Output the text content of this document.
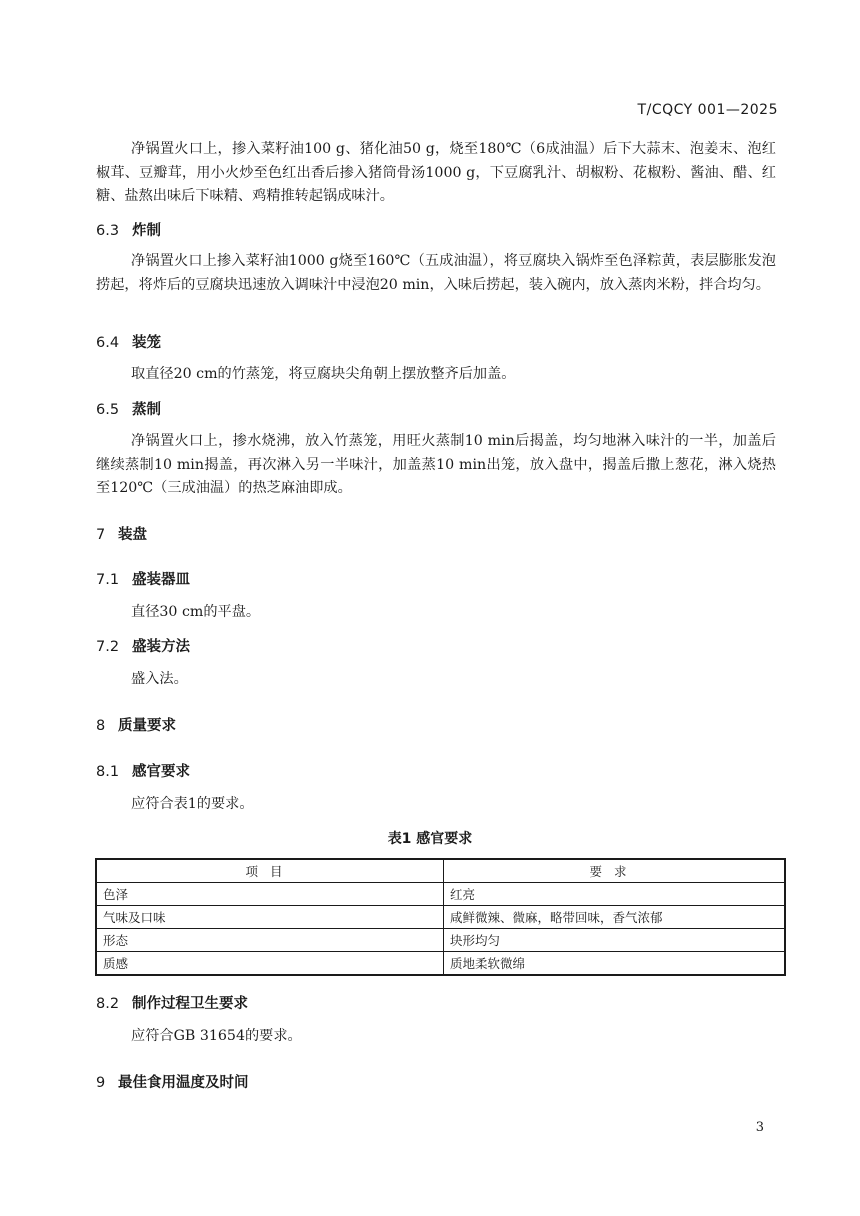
T/CQCY 001—2025
净锅置火口上，掺入菜籽油100 g、猪化油50 g，烧至180℃（6成油温）后下大蒜末、泡姜末、泡红椒茸、豆瓣茸，用小火炒至色红出香后掺入猪筒骨汤1000 g，下豆腐乳汁、胡椒粉、花椒粉、酱油、醋、红糖、盐熬出味后下味精、鸡精推转起锅成味汁。
6.3 炸制
净锅置火口上掺入菜籽油1000 g烧至160℃（五成油温），将豆腐块入锅炸至色泽粽黄，表层膨胀发泡捞起，将炸后的豆腐块迅速放入调味汁中浸泡20 min，入味后捞起，装入碗内，放入蒸肉米粉，拌合均匀。
6.4 装笼
取直径20 cm的竹蒸笼，将豆腐块尖角朝上摆放整齐后加盖。
6.5 蒸制
净锅置火口上，掺水烧沸，放入竹蒸笼，用旺火蒸制10 min后揭盖，均匀地淋入味汁的一半，加盖后继续蒸制10 min揭盖，再次淋入另一半味汁，加盖蒸10 min出笼，放入盘中，揭盖后撒上葱花，淋入烧热至120℃（三成油温）的热芝麻油即成。
7 装盘
7.1 盛装器皿
直径30 cm的平盘。
7.2 盛装方法
盛入法。
8 质量要求
8.1 感官要求
应符合表1的要求。
表1 感官要求
项目	要求
色泽	红亮
气味及口味	咸鲜微辣、微麻，略带回味，香气浓郁
形态	块形均匀
质感	质地柔软微绵
8.2 制作过程卫生要求
应符合GB 31654的要求。
9 最佳食用温度及时间
3
